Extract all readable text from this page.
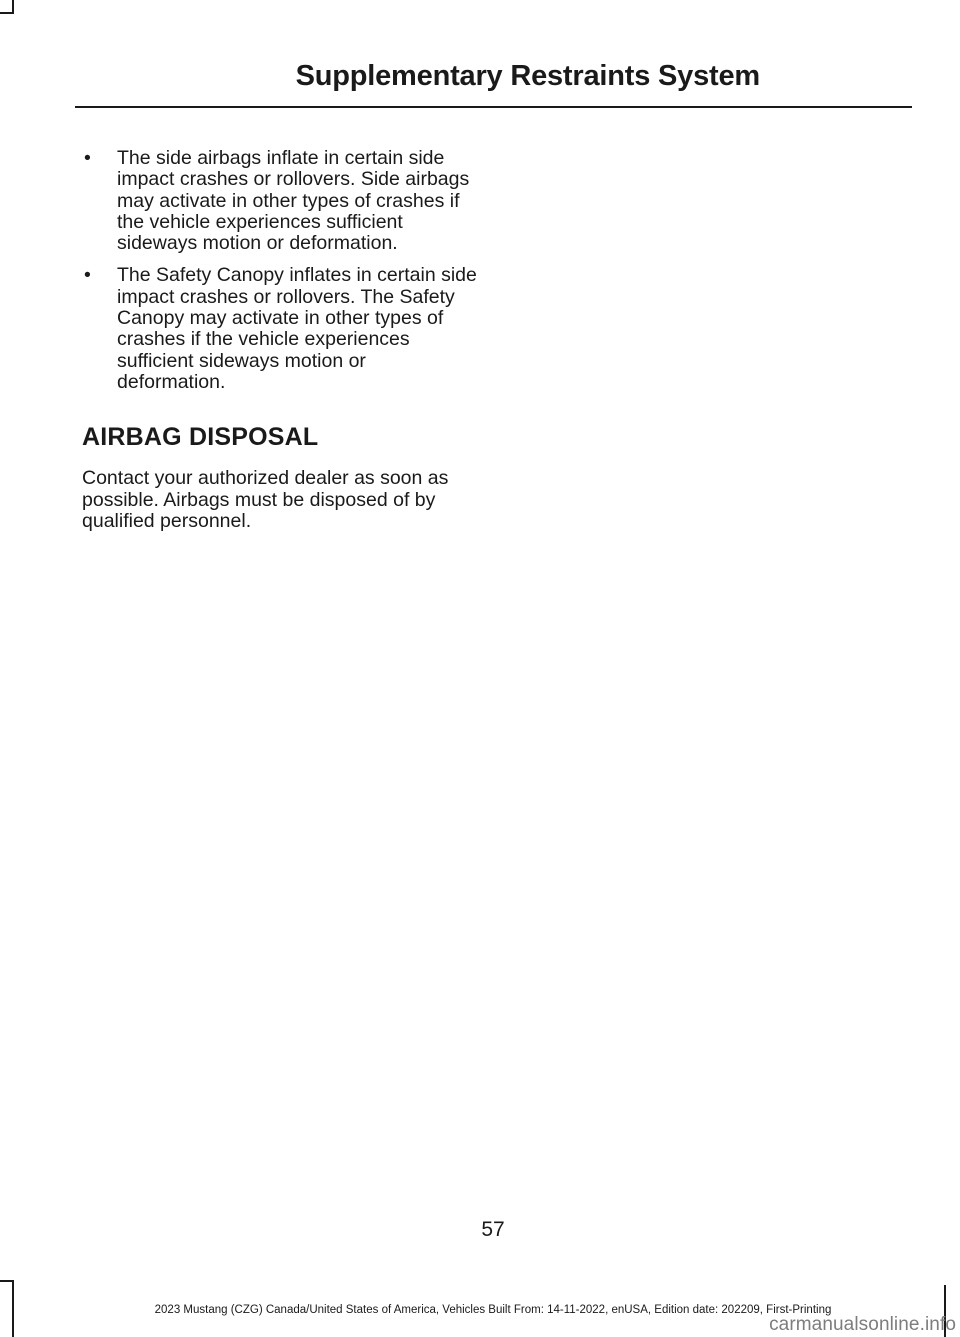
Supplementary Restraints System
• The side airbags inflate in certain side impact crashes or rollovers. Side airbags may activate in other types of crashes if the vehicle experiences sufficient sideways motion or deformation.
• The Safety Canopy inflates in certain side impact crashes or rollovers. The Safety Canopy may activate in other types of crashes if the vehicle experiences sufficient sideways motion or deformation.
AIRBAG DISPOSAL

Contact your authorized dealer as soon as possible. Airbags must be disposed of by qualified personnel.

57
2023 Mustang (CZG) Canada/United States of America, Vehicles Built From: 14-11-2022, enUSA, Edition date: 202209, First-Printing
carmanualsonline.info
